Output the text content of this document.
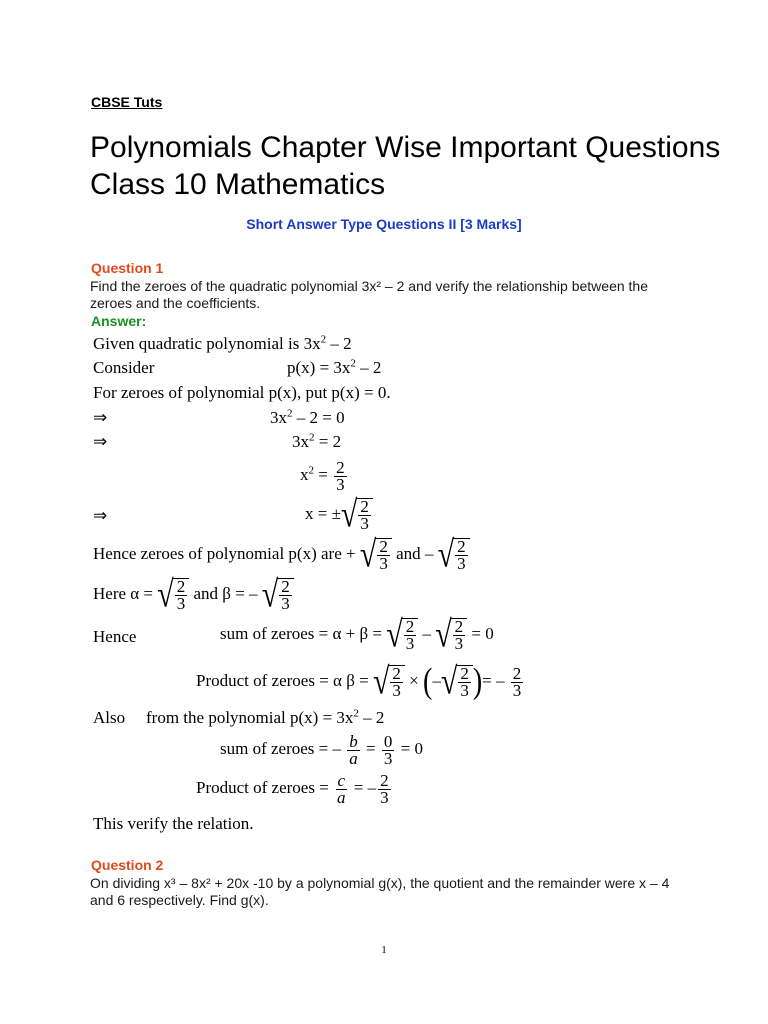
CBSE Tuts
Polynomials Chapter Wise Important Questions Class 10 Mathematics
Short Answer Type Questions II [3 Marks]
Question 1
Find the zeroes of the quadratic polynomial 3x² – 2 and verify the relationship between the zeroes and the coefficients.
Answer:
Given quadratic polynomial is $3x^2 - 2$
Consider	$p(x) = 3x^2 - 2$
For zeroes of polynomial p(x), put p(x) = 0.
⇒	$3x^2 - 2 = 0$
⇒	$3x^2 = 2$
$x^2 = \frac{2}{3}$
⇒	x = ± √ $\frac{2}{3}$
Hence zeroes of polynomial p(x) are + √ $\frac{2}{3}$ and – √ $\frac{2}{3}$
Here α = √ $\frac{2}{3}$ and β = – √ $\frac{2}{3}$
Hence	sum of zeroes = α + β = √ $\frac{2}{3}$ – √ $\frac{2}{3} = 0$
Product of zeroes = α β = √ $\frac{2}{3}$ × (– √ $\frac{2}{3}$ )= – $\frac{2}{3}$
Also from the polynomial $p(x) = 3x^2 - 2$
sum of zeroes = – $\frac{b}{a} = \frac{0}{3} = 0$
Product of zeroes = $\frac{c}{a}$ = – $\frac{2}{3}$
This verify the relation.
Question 2
On dividing x³ – 8x² + 20x -10 by a polynomial g(x), the quotient and the remainder were x – 4 and 6 respectively. Find g(x).
1
